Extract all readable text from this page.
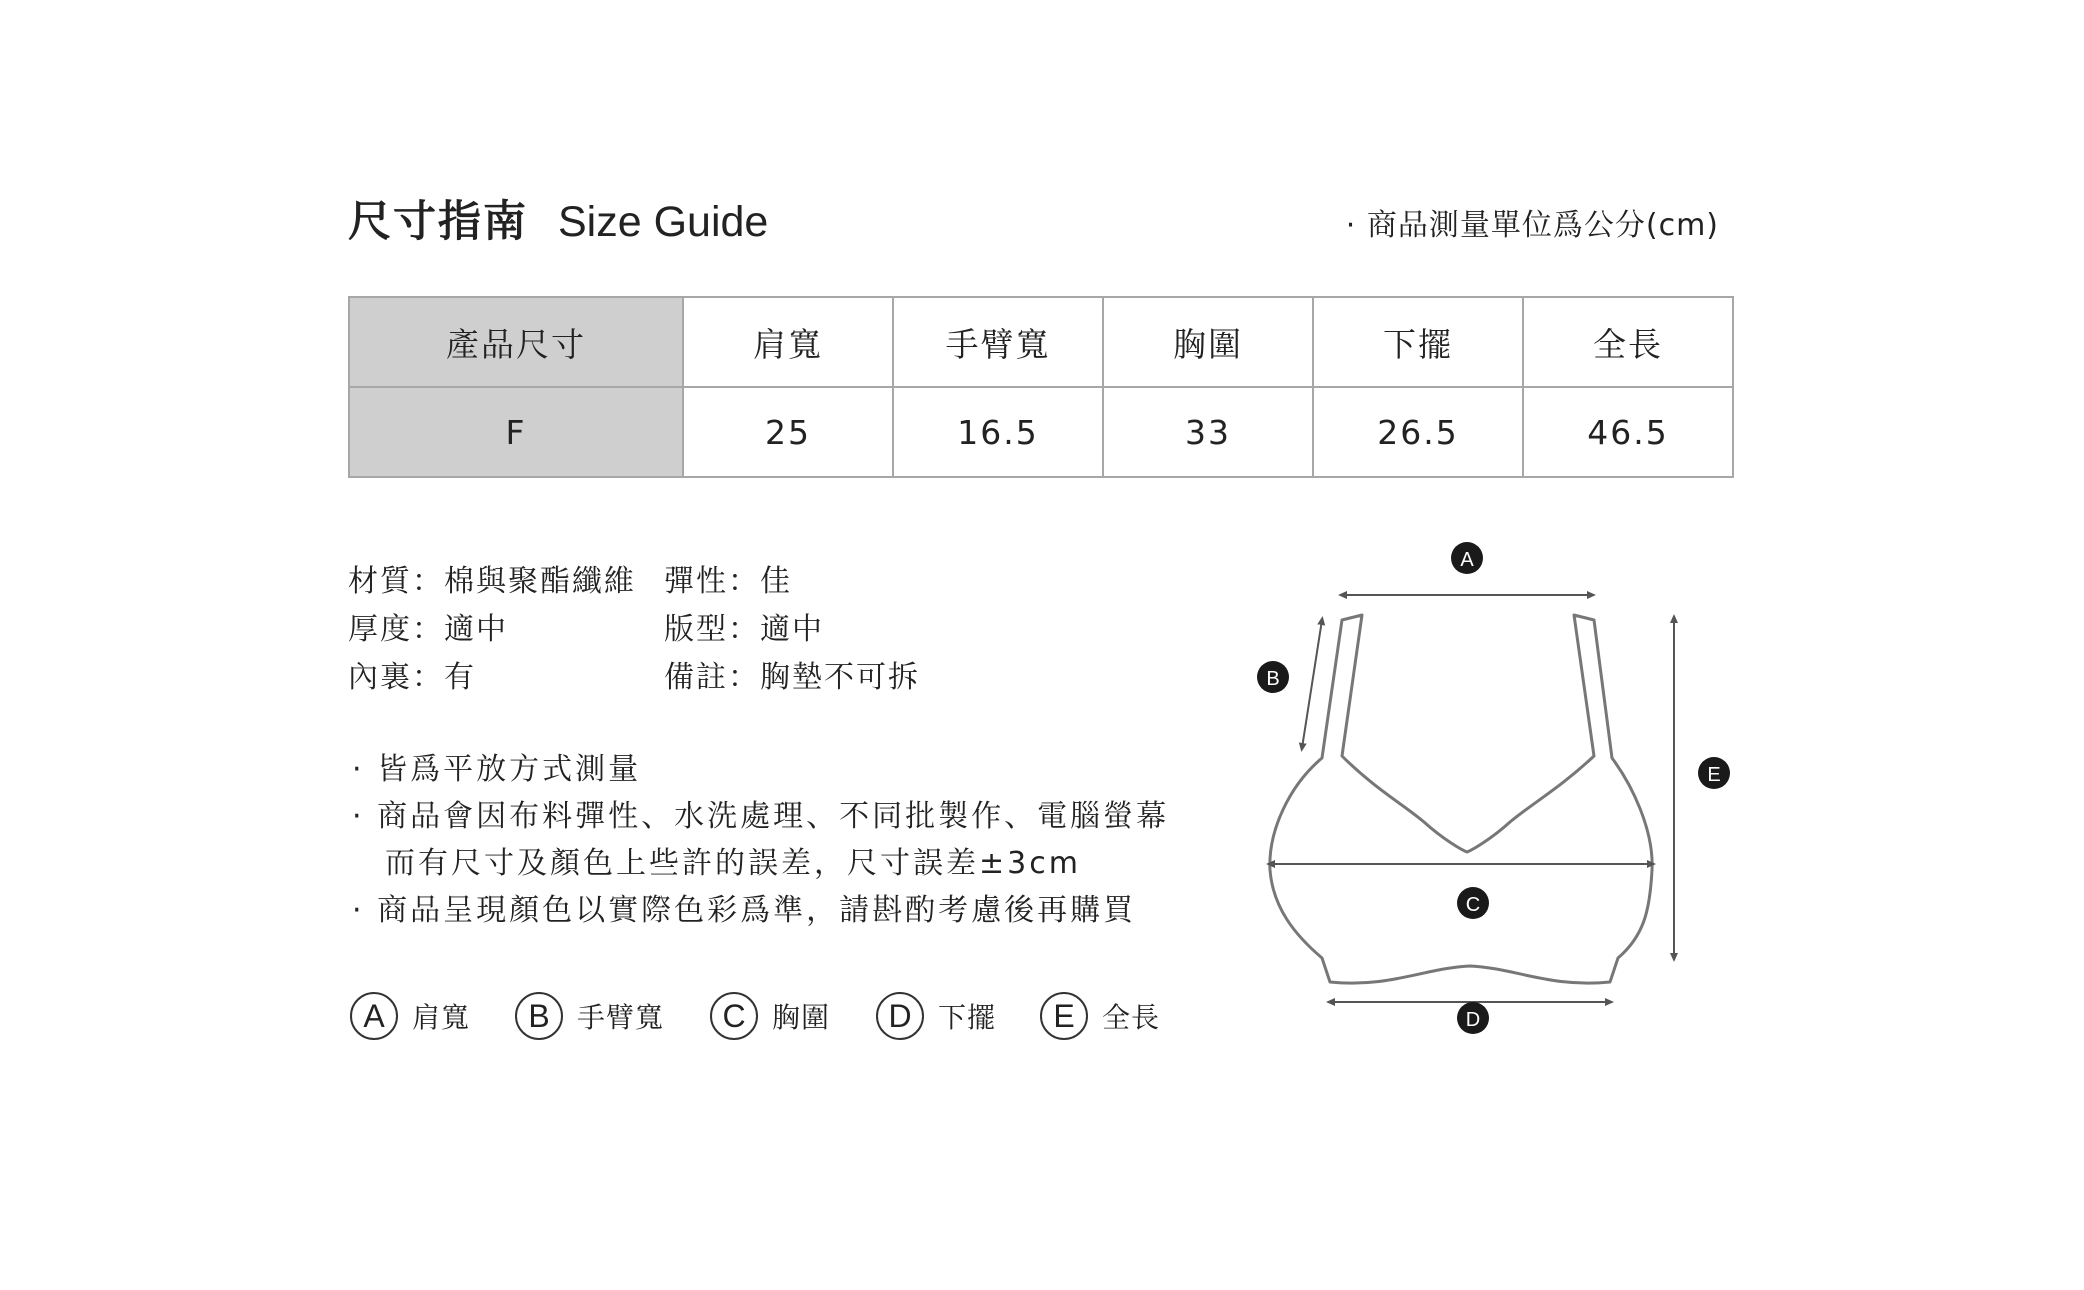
尺寸指南 Size Guide	· 商品測量單位爲公分(cm)
產品尺寸	肩寬	手臂寬	胸圍	下擺	全長
F	25	16.5	33	26.5	46.5
材質：棉與聚酯纖維 彈性：佳
厚度：適中	版型：適中
內裏：有	備註：胸墊不可拆
· 皆爲平放方式測量
· 商品會因布料彈性、水洗處理、不同批製作、電腦螢幕
　而有尺寸及顏色上些許的誤差，尺寸誤差±3cm
· 商品呈現顏色以實際色彩爲準，請斟酌考慮後再購買
A 肩寬	B 手臂寬	C 胸圍	D 下擺	E 全長
A
B
C
D
E
